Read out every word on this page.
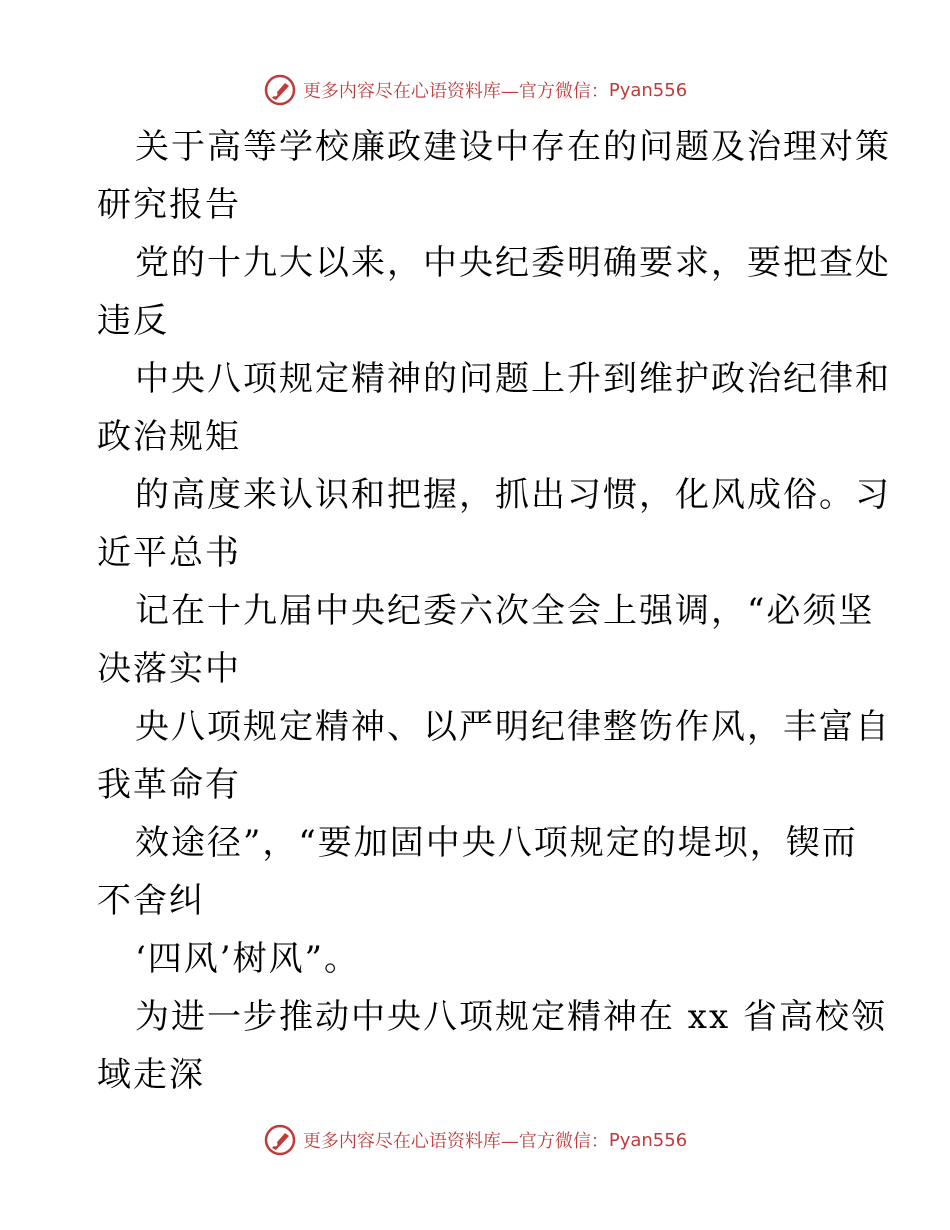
更多内容尽在心语资料库—官方微信： Pyan556
关于高等学校廉政建设中存在的问题及治理对策
研究报告
党的十九大以来，中央纪委明确要求，要把查处
违反
中央八项规定精神的问题上升到维护政治纪律和
政治规矩
的高度来认识和把握，抓出习惯，化风成俗。习
近平总书
记在十九届中央纪委六次全会上强调，“必须坚
决落实中
央八项规定精神、以严明纪律整饬作风，丰富自
我革命有
效途径”，“要加固中央八项规定的堤坝，锲而
不舍纠
‘四风’树风”。
为进一步推动中央八项规定精神在 xx 省高校领
域走深
更多内容尽在心语资料库—官方微信： Pyan556
